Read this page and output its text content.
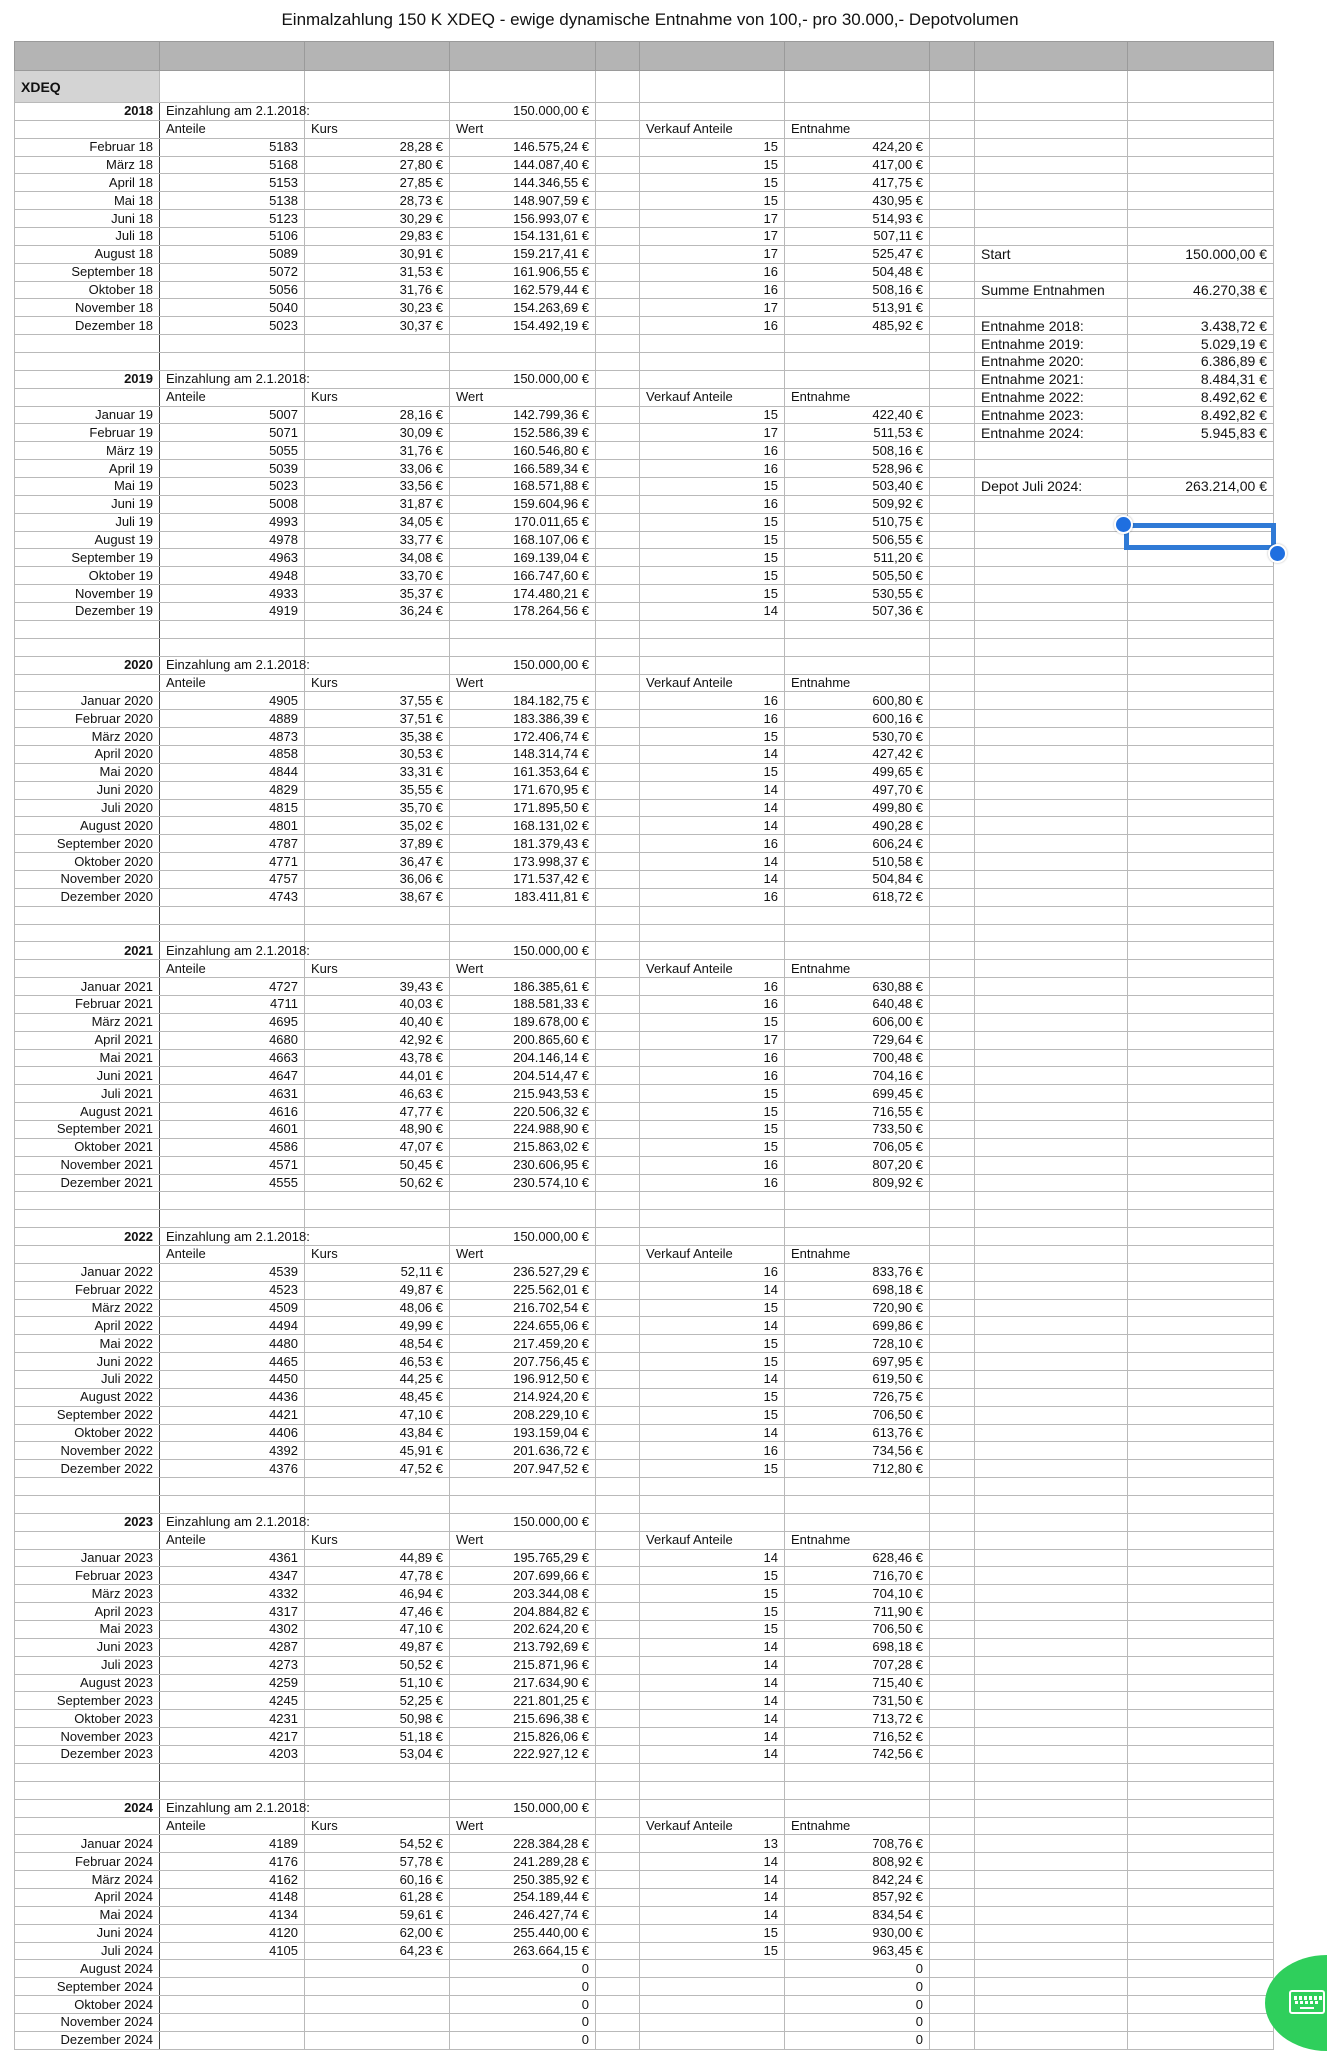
Einmalzahlung 150 K XDEQ - ewige dynamische Entnahme von 100,- pro 30.000,- Depotvolumen

XDEQ									
2018	Einzahlung am 2.1.2018:		150.000,00 €						
	Anteile	Kurs	Wert		Verkauf Anteile	Entnahme			
Februar 18	5183	28,28 €	146.575,24 €		15	424,20 €			
März 18	5168	27,80 €	144.087,40 €		15	417,00 €			
April 18	5153	27,85 €	144.346,55 €		15	417,75 €			
Mai 18	5138	28,73 €	148.907,59 €		15	430,95 €			
Juni 18	5123	30,29 €	156.993,07 €		17	514,93 €			
Juli 18	5106	29,83 €	154.131,61 €		17	507,11 €			
August 18	5089	30,91 €	159.217,41 €		17	525,47 €		Start	150.000,00 €
September 18	5072	31,53 €	161.906,55 €		16	504,48 €			
Oktober 18	5056	31,76 €	162.579,44 €		16	508,16 €		Summe Entnahmen	46.270,38 €
November 18	5040	30,23 €	154.263,69 €		17	513,91 €			
Dezember 18	5023	30,37 €	154.492,19 €		16	485,92 €		Entnahme 2018:	3.438,72 €
								Entnahme 2019:	5.029,19 €
								Entnahme 2020:	6.386,89 €
2019	Einzahlung am 2.1.2018:		150.000,00 €					Entnahme 2021:	8.484,31 €
	Anteile	Kurs	Wert		Verkauf Anteile	Entnahme		Entnahme 2022:	8.492,62 €
Januar 19	5007	28,16 €	142.799,36 €		15	422,40 €		Entnahme 2023:	8.492,82 €
Februar 19	5071	30,09 €	152.586,39 €		17	511,53 €		Entnahme 2024:	5.945,83 €
März 19	5055	31,76 €	160.546,80 €		16	508,16 €			
April 19	5039	33,06 €	166.589,34 €		16	528,96 €			
Mai 19	5023	33,56 €	168.571,88 €		15	503,40 €		Depot Juli 2024:	263.214,00 €
Juni 19	5008	31,87 €	159.604,96 €		16	509,92 €			
Juli 19	4993	34,05 €	170.011,65 €		15	510,75 €			
August 19	4978	33,77 €	168.107,06 €		15	506,55 €			
September 19	4963	34,08 €	169.139,04 €		15	511,20 €			
Oktober 19	4948	33,70 €	166.747,60 €		15	505,50 €			
November 19	4933	35,37 €	174.480,21 €		15	530,55 €			
Dezember 19	4919	36,24 €	178.264,56 €		14	507,36 €			

2020	Einzahlung am 2.1.2018:		150.000,00 €						
	Anteile	Kurs	Wert		Verkauf Anteile	Entnahme			
Januar 2020	4905	37,55 €	184.182,75 €		16	600,80 €			
Februar 2020	4889	37,51 €	183.386,39 €		16	600,16 €			
März 2020	4873	35,38 €	172.406,74 €		15	530,70 €			
April 2020	4858	30,53 €	148.314,74 €		14	427,42 €			
Mai 2020	4844	33,31 €	161.353,64 €		15	499,65 €			
Juni 2020	4829	35,55 €	171.670,95 €		14	497,70 €			
Juli 2020	4815	35,70 €	171.895,50 €		14	499,80 €			
August 2020	4801	35,02 €	168.131,02 €		14	490,28 €			
September 2020	4787	37,89 €	181.379,43 €		16	606,24 €			
Oktober 2020	4771	36,47 €	173.998,37 €		14	510,58 €			
November 2020	4757	36,06 €	171.537,42 €		14	504,84 €			
Dezember 2020	4743	38,67 €	183.411,81 €		16	618,72 €			

2021	Einzahlung am 2.1.2018:		150.000,00 €						
	Anteile	Kurs	Wert		Verkauf Anteile	Entnahme			
Januar 2021	4727	39,43 €	186.385,61 €		16	630,88 €			
Februar 2021	4711	40,03 €	188.581,33 €		16	640,48 €			
März 2021	4695	40,40 €	189.678,00 €		15	606,00 €			
April 2021	4680	42,92 €	200.865,60 €		17	729,64 €			
Mai 2021	4663	43,78 €	204.146,14 €		16	700,48 €			
Juni 2021	4647	44,01 €	204.514,47 €		16	704,16 €			
Juli 2021	4631	46,63 €	215.943,53 €		15	699,45 €			
August 2021	4616	47,77 €	220.506,32 €		15	716,55 €			
September 2021	4601	48,90 €	224.988,90 €		15	733,50 €			
Oktober 2021	4586	47,07 €	215.863,02 €		15	706,05 €			
November 2021	4571	50,45 €	230.606,95 €		16	807,20 €			
Dezember 2021	4555	50,62 €	230.574,10 €		16	809,92 €			

2022	Einzahlung am 2.1.2018:		150.000,00 €						
	Anteile	Kurs	Wert		Verkauf Anteile	Entnahme			
Januar 2022	4539	52,11 €	236.527,29 €		16	833,76 €			
Februar 2022	4523	49,87 €	225.562,01 €		14	698,18 €			
März 2022	4509	48,06 €	216.702,54 €		15	720,90 €			
April 2022	4494	49,99 €	224.655,06 €		14	699,86 €			
Mai 2022	4480	48,54 €	217.459,20 €		15	728,10 €			
Juni 2022	4465	46,53 €	207.756,45 €		15	697,95 €			
Juli 2022	4450	44,25 €	196.912,50 €		14	619,50 €			
August 2022	4436	48,45 €	214.924,20 €		15	726,75 €			
September 2022	4421	47,10 €	208.229,10 €		15	706,50 €			
Oktober 2022	4406	43,84 €	193.159,04 €		14	613,76 €			
November 2022	4392	45,91 €	201.636,72 €		16	734,56 €			
Dezember 2022	4376	47,52 €	207.947,52 €		15	712,80 €			

2023	Einzahlung am 2.1.2018:		150.000,00 €						
	Anteile	Kurs	Wert		Verkauf Anteile	Entnahme			
Januar 2023	4361	44,89 €	195.765,29 €		14	628,46 €			
Februar 2023	4347	47,78 €	207.699,66 €		15	716,70 €			
März 2023	4332	46,94 €	203.344,08 €		15	704,10 €			
April 2023	4317	47,46 €	204.884,82 €		15	711,90 €			
Mai 2023	4302	47,10 €	202.624,20 €		15	706,50 €			
Juni 2023	4287	49,87 €	213.792,69 €		14	698,18 €			
Juli 2023	4273	50,52 €	215.871,96 €		14	707,28 €			
August 2023	4259	51,10 €	217.634,90 €		14	715,40 €			
September 2023	4245	52,25 €	221.801,25 €		14	731,50 €			
Oktober 2023	4231	50,98 €	215.696,38 €		14	713,72 €			
November 2023	4217	51,18 €	215.826,06 €		14	716,52 €			
Dezember 2023	4203	53,04 €	222.927,12 €		14	742,56 €			

2024	Einzahlung am 2.1.2018:		150.000,00 €						
	Anteile	Kurs	Wert		Verkauf Anteile	Entnahme			
Januar 2024	4189	54,52 €	228.384,28 €		13	708,76 €			
Februar 2024	4176	57,78 €	241.289,28 €		14	808,92 €			
März 2024	4162	60,16 €	250.385,92 €		14	842,24 €			
April 2024	4148	61,28 €	254.189,44 €		14	857,92 €			
Mai 2024	4134	59,61 €	246.427,74 €		14	834,54 €			
Juni 2024	4120	62,00 €	255.440,00 €		15	930,00 €			
Juli 2024	4105	64,23 €	263.664,15 €		15	963,45 €			
August 2024			0			0			
September 2024			0			0			
Oktober 2024			0			0			
November 2024			0			0			
Dezember 2024			0			0			
